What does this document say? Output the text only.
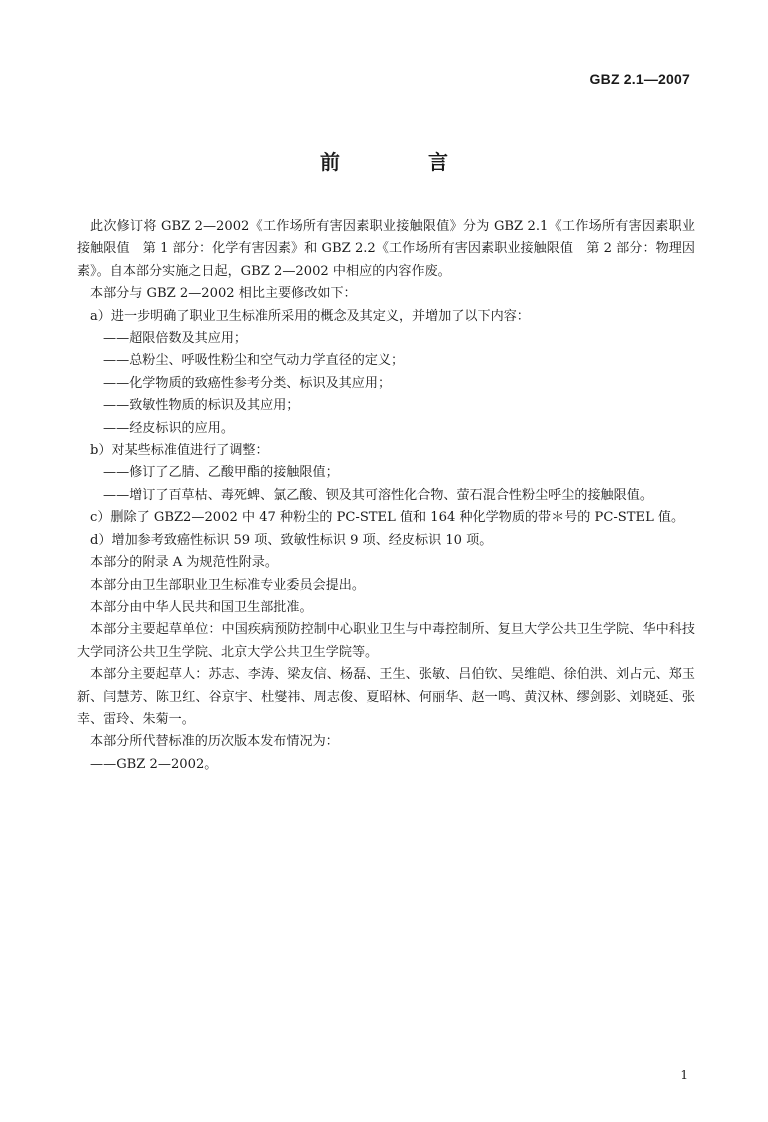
GBZ 2.1—2007
前　言

此次修订将 GBZ 2—2002《工作场所有害因素职业接触限值》分为 GBZ 2.1《工作场所有害因素职业接触限值　第 1 部分：化学有害因素》和 GBZ 2.2《工作场所有害因素职业接触限值　第 2 部分：物理因素》。自本部分实施之日起，GBZ 2—2002 中相应的内容作废。

本部分与 GBZ 2—2002 相比主要修改如下：

a）进一步明确了职业卫生标准所采用的概念及其定义，并增加了以下内容：

——超限倍数及其应用；

——总粉尘、呼吸性粉尘和空气动力学直径的定义；

——化学物质的致癌性参考分类、标识及其应用；

——致敏性物质的标识及其应用；

——经皮标识的应用。

b）对某些标准值进行了调整：

——修订了乙腈、乙酸甲酯的接触限值；

——增订了百草枯、毒死蜱、氯乙酸、钡及其可溶性化合物、萤石混合性粉尘呼尘的接触限值。

c）删除了 GBZ2—2002 中 47 种粉尘的 PC-STEL 值和 164 种化学物质的带＊号的 PC-STEL 值。

d）增加参考致癌性标识 59 项、致敏性标识 9 项、经皮标识 10 项。

本部分的附录 A 为规范性附录。

本部分由卫生部职业卫生标准专业委员会提出。

本部分由中华人民共和国卫生部批准。

本部分主要起草单位：中国疾病预防控制中心职业卫生与中毒控制所、复旦大学公共卫生学院、华中科技大学同济公共卫生学院、北京大学公共卫生学院等。

本部分主要起草人：苏志、李涛、梁友信、杨磊、王生、张敏、吕伯钦、吴维皑、徐伯洪、刘占元、郑玉新、闫慧芳、陈卫红、谷京宇、杜燮祎、周志俊、夏昭林、何丽华、赵一鸣、黄汉林、缪剑影、刘晓延、张幸、雷玲、朱菊一。

本部分所代替标准的历次版本发布情况为：

——GBZ 2—2002。

1
